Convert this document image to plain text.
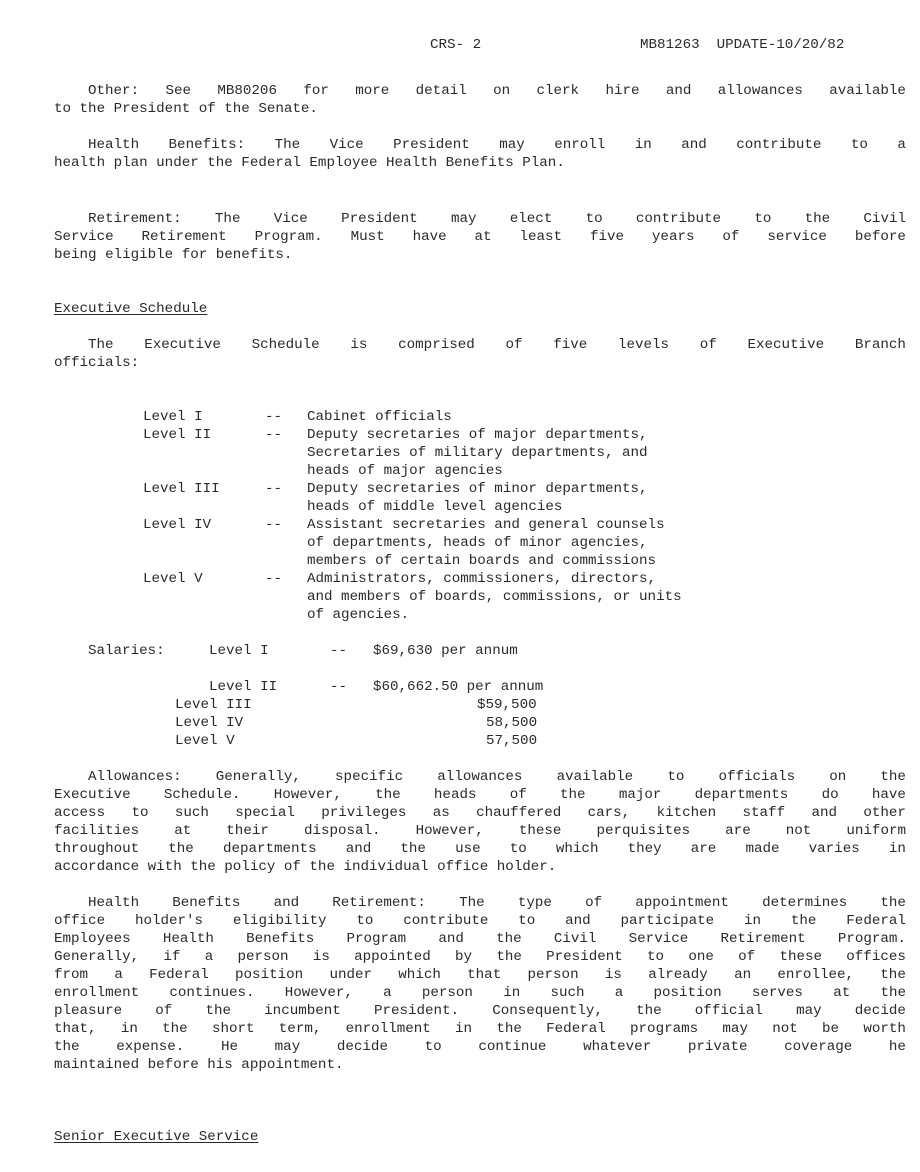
CRS- 2	MB81263  UPDATE-10/20/82
Other: See MB80206 for more detail on clerk hire and allowances available
to the President of the Senate.
Health Benefits: The Vice President may enroll in and contribute to a
health plan under the Federal Employee Health Benefits Plan.
Retirement: The Vice President may elect to contribute to the Civil
Service Retirement Program. Must have at least five years of service before
being eligible for benefits.
Executive Schedule
The Executive Schedule is comprised of five levels of Executive Branch
officials:
Level I	-- Cabinet officials
Level II	-- Deputy secretaries of major departments,
Secretaries of military departments, and
heads of major agencies
Level III	-- Deputy secretaries of minor departments,
heads of middle level agencies
Level IV	-- Assistant secretaries and general counsels
of departments, heads of minor agencies,
members of certain boards and commissions
Level V	-- Administrators, commissioners, directors,
and members of boards, commissions, or units
of agencies.
Salaries:	Level I	-- $69,630 per annum
Level II	-- $60,662.50 per annum
Level III	$59,500
Level IV	58,500
Level V	57,500
Allowances: Generally, specific allowances available to officials on the
Executive Schedule. However, the heads of the major departments do have
access to such special privileges as chauffered cars, kitchen staff and other
facilities at their disposal. However, these perquisites are not uniform
throughout the departments and the use to which they are made varies in
accordance with the policy of the individual office holder.
Health Benefits and Retirement: The type of appointment determines the
office holder's eligibility to contribute to and participate in the Federal
Employees Health Benefits Program and the Civil Service Retirement Program.
Generally, if a person is appointed by the President to one of these offices
from a Federal position under which that person is already an enrollee, the
enrollment continues. However, a person in such a position serves at the
pleasure of the incumbent President. Consequently, the official may decide
that, in the short term, enrollment in the Federal programs may not be worth
the	expense.	He	may	decide	to	continue	whatever	private	coverage	he
maintained before his appointment.
Senior Executive Service
